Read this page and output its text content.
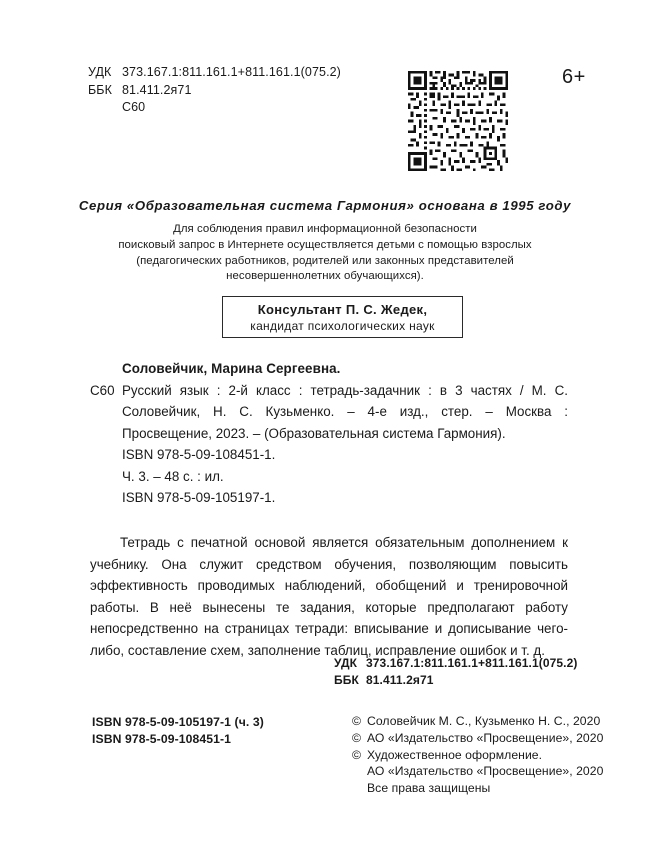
УДК 373.167.1:811.161.1+811.161.1(075.2)
ББК 81.411.2я71
С60
6+
Серия «Образовательная система Гармония» основана в 1995 году
Для соблюдения правил информационной безопасности
поисковый запрос в Интернете осуществляется детьми с помощью взрослых
(педагогических работников, родителей или законных представителей
несовершеннолетних обучающихся).
Консультант П. С. Жедек,
кандидат психологических наук
Соловейчик, Марина Сергеевна.
С60 Русский язык : 2-й класс : тетрадь-задачник : в 3 частях / М. С. Соловейчик, Н. С. Кузьменко. – 4-е изд., стер. – Москва : Просвещение, 2023. – (Образовательная система Гармония).
ISBN 978-5-09-108451-1.
Ч. 3. – 48 с. : ил.
ISBN 978-5-09-105197-1.
Тетрадь с печатной основой является обязательным дополнением к учебнику. Она служит средством обучения, позволяющим повысить эффективность проводимых наблюдений, обобщений и тренировочной работы. В неё вынесены те задания, которые предполагают работу непосредственно на страницах тетради: вписывание и дописывание чего-либо, составление схем, заполнение таблиц, исправление ошибок и т. д.
УДК 373.167.1:811.161.1+811.161.1(075.2)
ББК 81.411.2я71
ISBN 978-5-09-105197-1 (ч. 3)
ISBN 978-5-09-108451-1
© Соловейчик М. С., Кузьменко Н. С., 2020
© АО «Издательство «Просвещение», 2020
© Художественное оформление.
АО «Издательство «Просвещение», 2020
Все права защищены
